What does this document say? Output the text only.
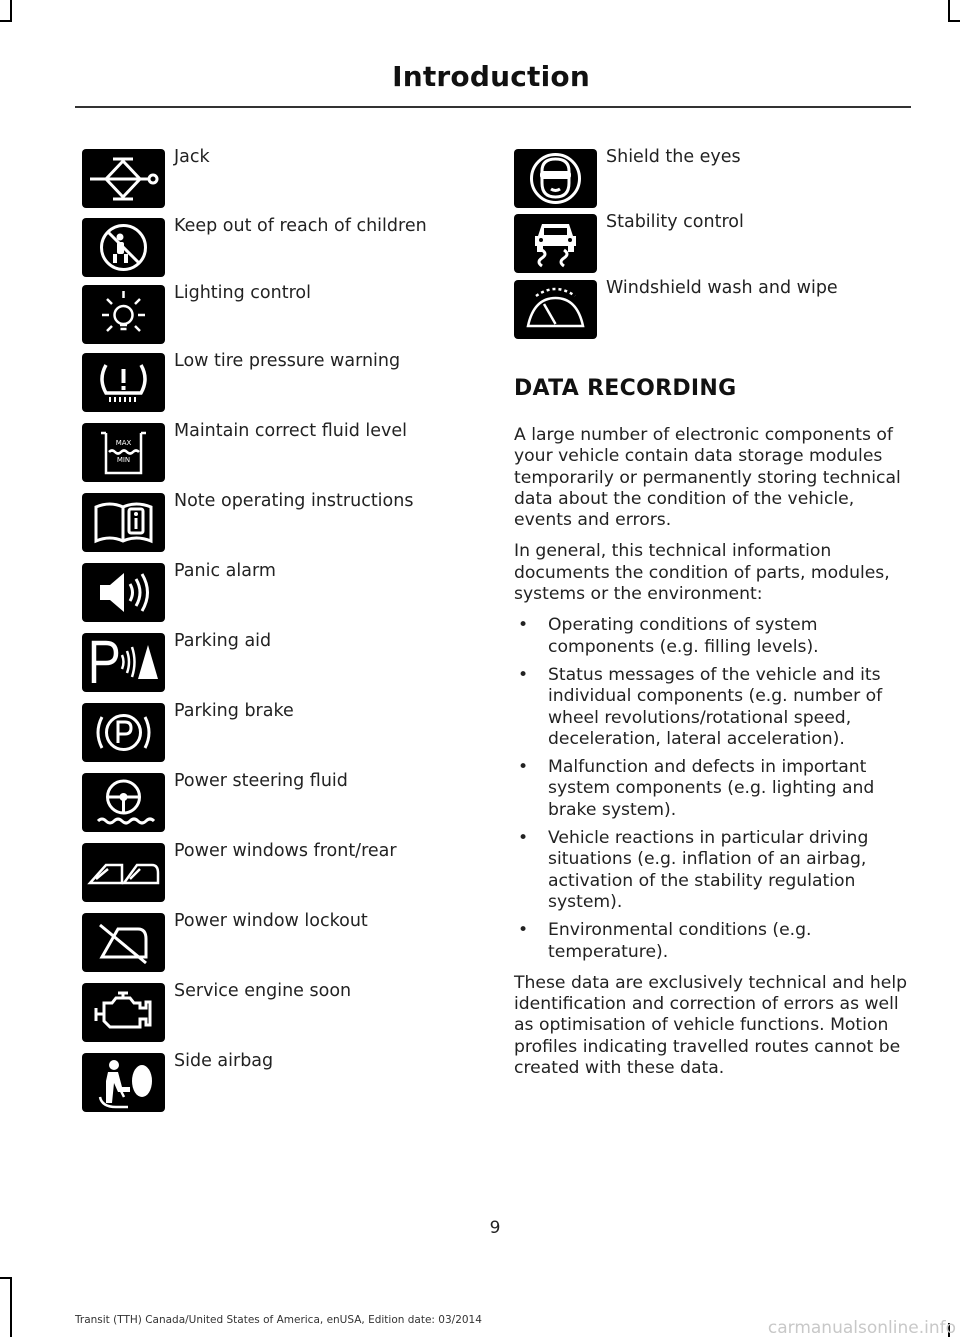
Introduction
Jack
Keep out of reach of children
Lighting control
Low tire pressure warning
MAX
MIN
Maintain correct fluid level
Note operating instructions
Panic alarm
Parking aid
Parking brake
Power steering fluid
Power windows front/rear
Power window lockout
Service engine soon
Side airbag
Shield the eyes
Stability control
Windshield wash and wipe
DATA RECORDING

A large number of electronic components of your vehicle contain data storage modules temporarily or permanently storing technical data about the condition of the vehicle, events and errors.

In general, this technical information documents the condition of parts, modules, systems or the environment:

• Operating conditions of system components (e.g. filling levels).
• Status messages of the vehicle and its individual components (e.g. number of wheel revolutions/rotational speed, deceleration, lateral acceleration).
• Malfunction and defects in important system components (e.g. lighting and brake system).
• Vehicle reactions in particular driving situations (e.g. inflation of an airbag, activation of the stability regulation system).
• Environmental conditions (e.g. temperature).

These data are exclusively technical and help identification and correction of errors as well as optimisation of vehicle functions. Motion profiles indicating travelled routes cannot be created with these data.

9
Transit (TTH) Canada/United States of America, enUSA, Edition date: 03/2014	carmanualsonline.info
